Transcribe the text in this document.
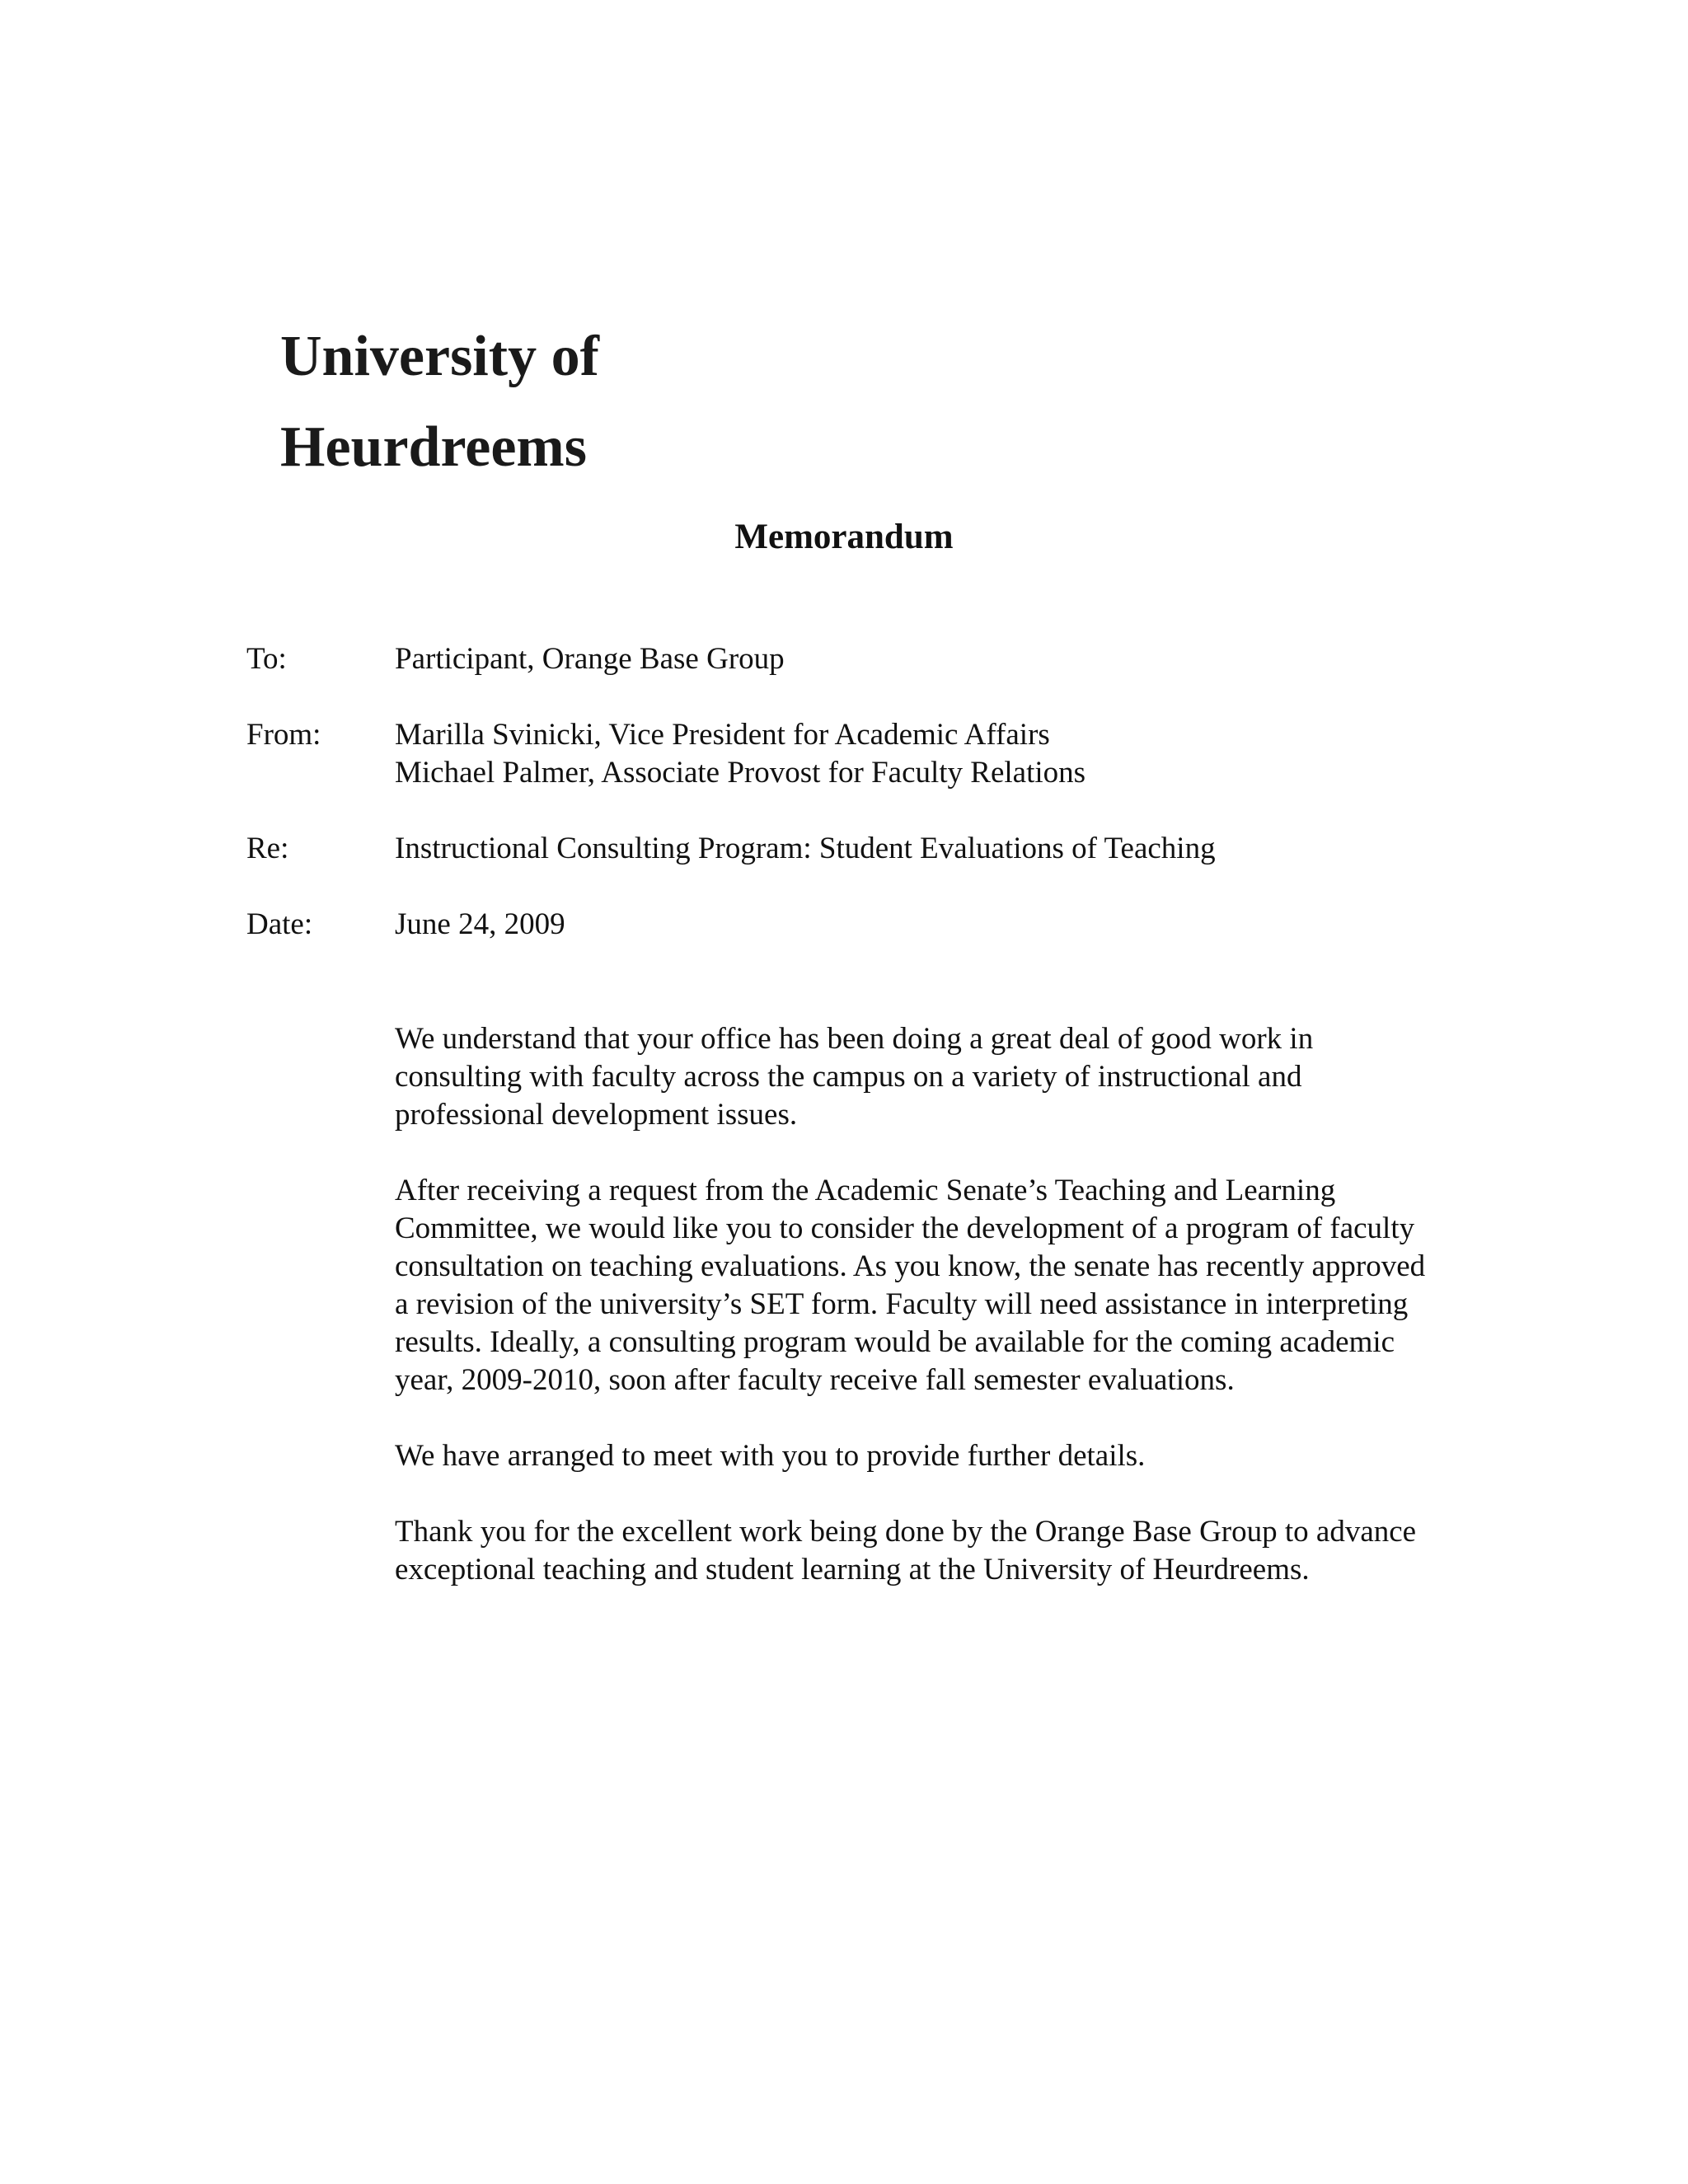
University of
Heurdreems
Memorandum
To:	Participant, Orange Base Group
From:	Marilla Svinicki, Vice President for Academic Affairs
Michael Palmer, Associate Provost for Faculty Relations
Re:	Instructional Consulting Program: Student Evaluations of Teaching
Date:	June 24, 2009

We understand that your office has been doing a great deal of good work in consulting with faculty across the campus on a variety of instructional and professional development issues.

After receiving a request from the Academic Senate’s Teaching and Learning Committee, we would like you to consider the development of a program of faculty consultation on teaching evaluations. As you know, the senate has recently approved a revision of the university’s SET form. Faculty will need assistance in interpreting results. Ideally, a consulting program would be available for the coming academic year, 2009-2010, soon after faculty receive fall semester evaluations.

We have arranged to meet with you to provide further details.

Thank you for the excellent work being done by the Orange Base Group to advance exceptional teaching and student learning at the University of Heurdreems.
